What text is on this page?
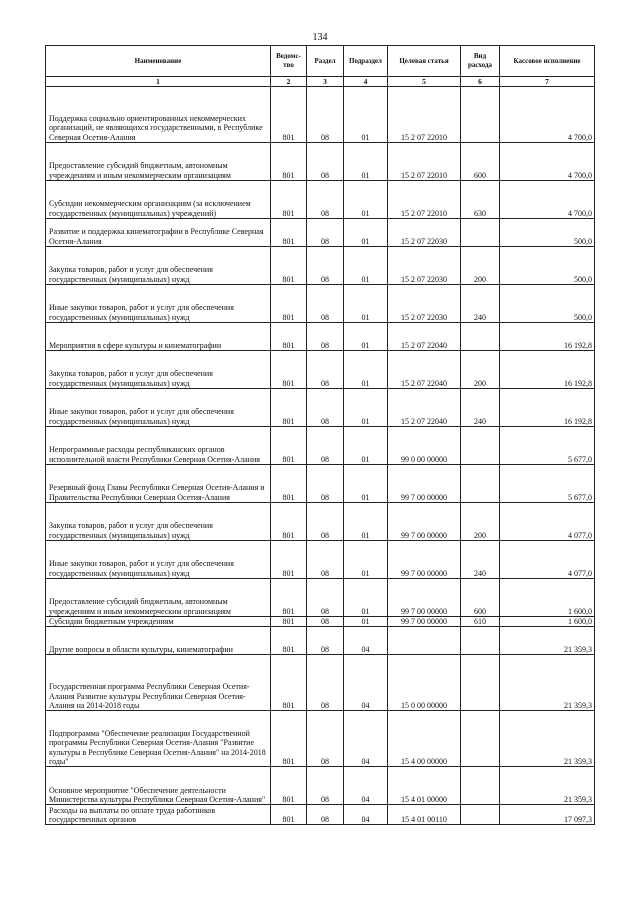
134
Наименование	Ведомс-тво	Раздел	Подраздел	Целевая статья	Вид расхода	Кассовое исполнение
1	2	3	4	5	6	7
Поддержка социально ориентированных некоммерческих организаций, не являющихся государственными, в Республике Северная Осетия-Алания	801	08	01	15 2 07 22010		4 700,0
Предоставление субсидий бюджетным, автономным учреждениям и иным некоммерческим организациям	801	08	01	15 2 07 22010	600	4 700,0
Субсидии некоммерческим организациям (за исключением государственных (муниципальных) учреждений)	801	08	01	15 2 07 22010	630	4 700,0
Развитие и поддержка кинематографии в Республике Северная Осетия-Алания	801	08	01	15 2 07 22030		500,0
Закупка товаров, работ и услуг для обеспечения государственных (муниципальных) нужд	801	08	01	15 2 07 22030	200	500,0
Иные закупки товаров, работ и услуг для обеспечения государственных (муниципальных) нужд	801	08	01	15 2 07 22030	240	500,0
Мероприятия в сфере культуры и кинематографии	801	08	01	15 2 07 22040		16 192,8
Закупка товаров, работ и услуг для обеспечения государственных (муниципальных) нужд	801	08	01	15 2 07 22040	200	16 192,8
Иные закупки товаров, работ и услуг для обеспечения государственных (муниципальных) нужд	801	08	01	15 2 07 22040	240	16 192,8
Непрограммные расходы республиканских органов исполнительной власти Республики Северная Осетия-Алания	801	08	01	99 0 00 00000		5 677,0
Резервный фонд Главы Республики Северная Осетия-Алания и Правительства Республики Северная Осетия-Алания	801	08	01	99 7 00 00000		5 677,0
Закупка товаров, работ и услуг для обеспечения государственных (муниципальных) нужд	801	08	01	99 7 00 00000	200	4 077,0
Иные закупки товаров, работ и услуг для обеспечения государственных (муниципальных) нужд	801	08	01	99 7 00 00000	240	4 077,0
Предоставление субсидий бюджетным, автономным учреждениям и иным некоммерческим организациям	801	08	01	99 7 00 00000	600	1 600,0
Субсидии бюджетным учреждениям	801	08	01	99 7 00 00000	610	1 600,0
Другие вопросы в области культуры, кинематографии	801	08	04			21 359,3
Государственная программа Республики Северная Осетия-Алания Развитие культуры Республики Северная Осетия-Алания на 2014-2018 годы	801	08	04	15 0 00 00000		21 359,3
Подпрограмма "Обеспечение реализации Государственной программы Республики Северная Осетия-Алания "Развитие культуры в Республике Северная Осетия-Алания" на 2014-2018 годы"	801	08	04	15 4 00 00000		21 359,3
Основное мероприятие "Обеспечение деятельности Министерства культуры Республики Северная Осетия-Алания"	801	08	04	15 4 01 00000		21 359,3
Расходы на выплаты по оплате труда работников государственных органов	801	08	04	15 4 01 00110		17 097,3
